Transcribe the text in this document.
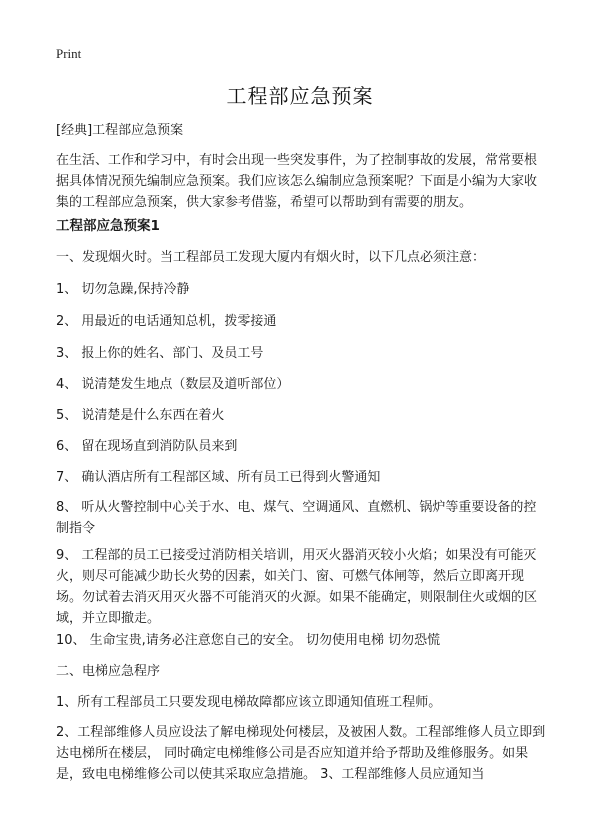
Print
工程部应急预案
[经典]工程部应急预案
在生活、工作和学习中，有时会出现一些突发事件，为了控制事故的发展，常常要根据具体情况预先编制应急预案。我们应该怎么编制应急预案呢？下面是小编为大家收集的工程部应急预案，供大家参考借鉴，希望可以帮助到有需要的朋友。
工程部应急预案1
一、发现烟火时。当工程部员工发现大厦内有烟火时，以下几点必须注意：
1、 切勿急躁,保持冷静
2、 用最近的电话通知总机，拨零接通
3、 报上你的姓名、部门、及员工号
4、 说清楚发生地点（数层及道听部位）
5、 说清楚是什么东西在着火
6、 留在现场直到消防队员来到
7、 确认酒店所有工程部区域、所有员工已得到火警通知
8、 听从火警控制中心关于水、电、煤气、空调通风、直燃机、锅炉等重要设备的控制指令
9、 工程部的员工已接受过消防相关培训，用灭火器消灭较小火焰；如果没有可能灭火，则尽可能减少助长火势的因素，如关门、窗、可燃气体闸等，然后立即离开现场。勿试着去消灭用灭火器不可能消灭的火源。如果不能确定，则限制住火或烟的区域，并立即撤走。
10、 生命宝贵,请务必注意您自己的安全。 切勿使用电梯 切勿恐慌
二、电梯应急程序
1、所有工程部员工只要发现电梯故障都应该立即通知值班工程师。
2、工程部维修人员应设法了解电梯现处何楼层，及被困人数。工程部维修人员立即到达电梯所在楼层， 同时确定电梯维修公司是否应知道并给予帮助及维修服务。如果是，致电电梯维修公司以使其采取应急措施。 3、工程部维修人员应通知当
